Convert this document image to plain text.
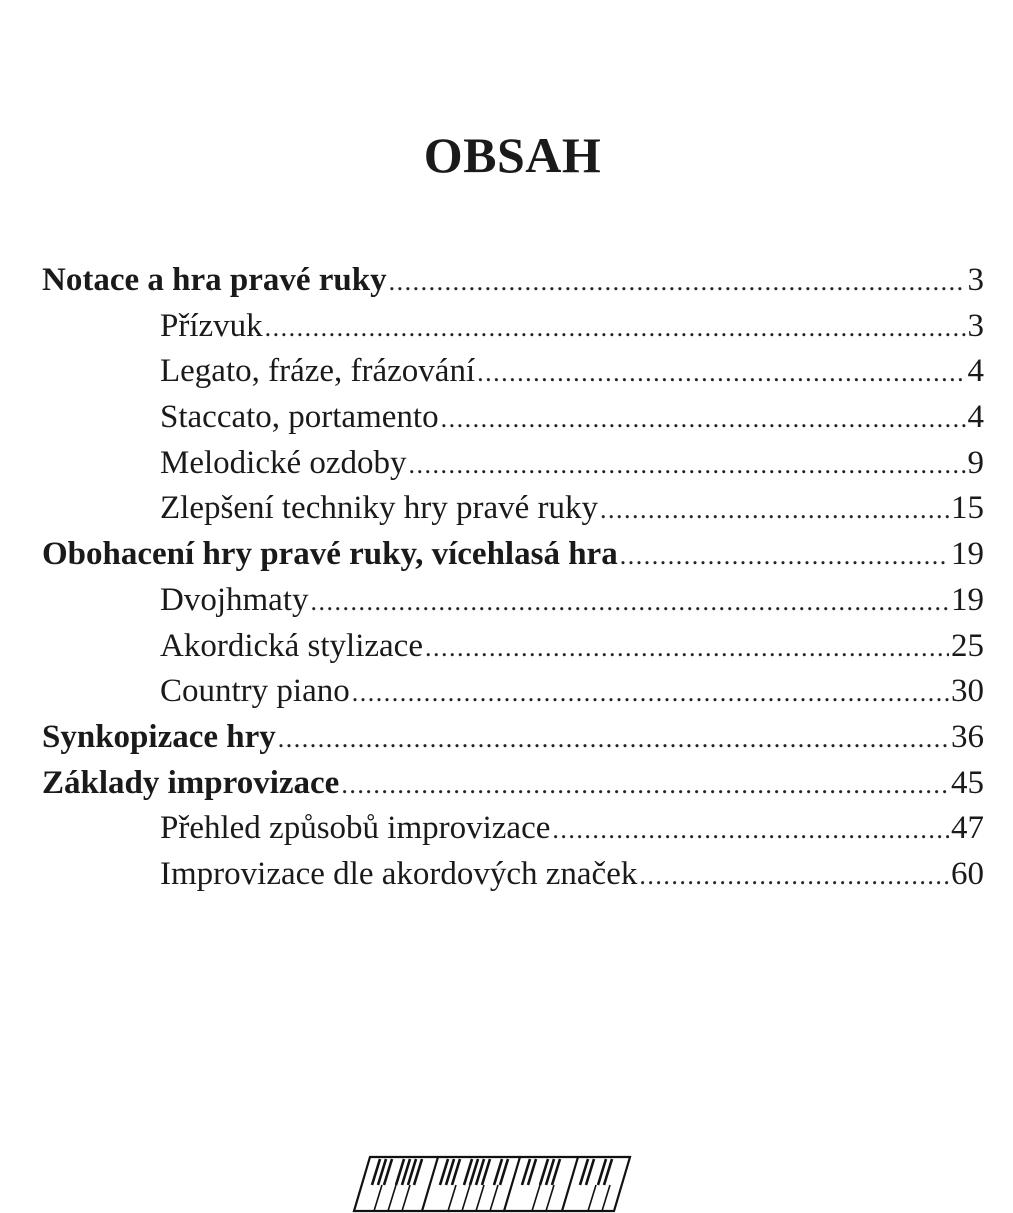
OBSAH
Notace a hra pravé ruky .....	3
Přízvuk .....	3
Legato, fráze, frázování .....	4
Staccato, portamento .....	4
Melodické ozdoby .....	9
Zlepšení techniky hry pravé ruky .....	15
Obohacení hry pravé ruky, vícehlasá hra .....	19
Dvojhmaty .....	19
Akordická stylizace .....	25
Country piano .....	30
Synkopizace hry .....	36
Základy improvizace .....	45
Přehled způsobů improvizace .....	47
Improvizace dle akordových značek .....	60
